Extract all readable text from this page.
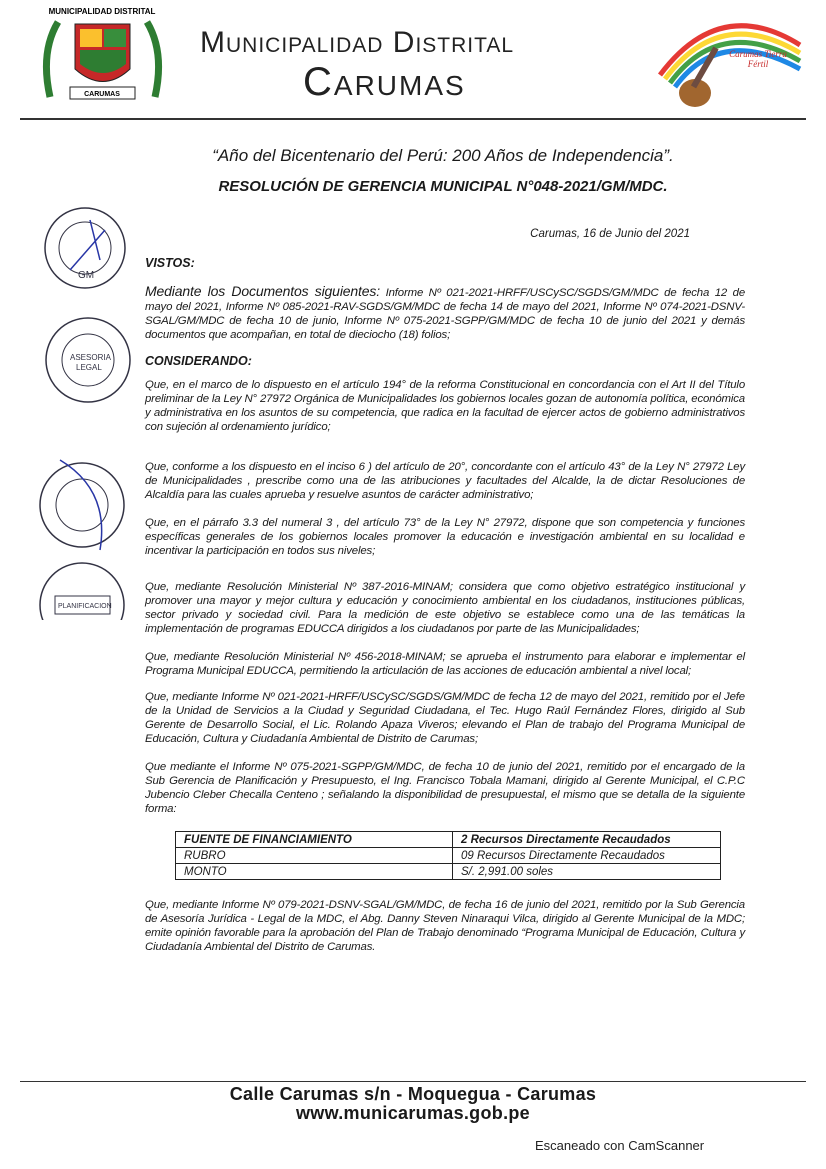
CARUMAS
MUNICIPALIDAD DISTRITAL
Municipalidad Distrital
Carumas
Carumas Tierra Fértil
GM
ASESORIA
LEGAL
PLANIFICACION
“Año del Bicentenario del Perú: 200 Años de Independencia”.
RESOLUCIÓN DE GERENCIA MUNICIPAL N°048-2021/GM/MDC.
Carumas, 16 de Junio del 2021
VISTOS:
Mediante los Documentos siguientes: Informe Nº 021-2021-HRFF/USCySC/SGDS/GM/MDC de fecha 12 de mayo del 2021, Informe Nº 085-2021-RAV-SGDS/GM/MDC de fecha 14 de mayo del 2021, Informe Nº 074-2021-DSNV-SGAL/GM/MDC de fecha 10 de junio, Informe Nº 075-2021-SGPP/GM/MDC de fecha 10 de junio del 2021 y demás documentos que acompañan, en total de dieciocho (18) folios;
CONSIDERANDO:
Que, en el marco de lo dispuesto en el artículo 194° de la reforma Constitucional en concordancia con el Art II del Título preliminar de la Ley N° 27972 Orgánica de Municipalidades los gobiernos locales gozan de autonomía política, económica y administrativa en los asuntos de su competencia, que radica en la facultad de ejercer actos de gobierno administrativos con sujeción al ordenamiento jurídico;
Que, conforme a los dispuesto en el inciso 6 ) del artículo de 20°, concordante con el artículo 43° de la Ley N° 27972 Ley de Municipalidades , prescribe como una de las atribuciones y facultades del Alcalde, la de dictar Resoluciones de Alcaldía para las cuales aprueba y resuelve asuntos de carácter administrativo;
Que, en el párrafo 3.3 del numeral 3 , del artículo 73° de la Ley N° 27972, dispone que son competencia y funciones específicas generales de los gobiernos locales promover la educación e investigación ambiental en su localidad e incentivar la participación en todos sus niveles;
Que, mediante Resolución Ministerial Nº 387-2016-MINAM; considera que como objetivo estratégico institucional y promover una mayor y mejor cultura y educación y conocimiento ambiental en los ciudadanos, instituciones públicas, sector privado y sociedad civil. Para la medición de este objetivo se establece como una de las temáticas la implementación de programas EDUCCA dirigidos a los ciudadanos por parte de las Municipalidades;
Que, mediante Resolución Ministerial Nº 456-2018-MINAM; se aprueba el instrumento para elaborar e implementar el Programa Municipal EDUCCA, permitiendo la articulación de las acciones de educación ambiental a nivel local;
Que, mediante Informe Nº 021-2021-HRFF/USCySC/SGDS/GM/MDC de fecha 12 de mayo del 2021, remitido por el Jefe de la Unidad de Servicios a la Ciudad y Seguridad Ciudadana, el Tec. Hugo Raúl Fernández Flores, dirigido al Sub Gerente de Desarrollo Social, el Lic. Rolando Apaza Viveros; elevando el Plan de trabajo del Programa Municipal de Educación, Cultura y Ciudadanía Ambiental de Distrito de Carumas;
Que mediante el Informe Nº 075-2021-SGPP/GM/MDC, de fecha 10 de junio del 2021, remitido por el encargado de la Sub Gerencia de Planificación y Presupuesto, el Ing. Francisco Tobala Mamani, dirigido al Gerente Municipal, el C.P.C Jubencio Cleber Checalla Centeno ; señalando la disponibilidad de presupuestal, el mismo que se detalla de la siguiente forma:
FUENTE DE FINANCIAMIENTO	2 Recursos Directamente Recaudados
RUBRO	09 Recursos Directamente Recaudados
MONTO	S/. 2,991.00 soles
Que, mediante Informe Nº 079-2021-DSNV-SGAL/GM/MDC, de fecha 16 de junio del 2021, remitido por la Sub Gerencia de Asesoría Jurídica - Legal de la MDC, el Abg. Danny Steven Ninaraqui Vilca, dirigido al Gerente Municipal de la MDC; emite opinión favorable para la aprobación del Plan de Trabajo denominado “Programa Municipal de Educación, Cultura y Ciudadanía Ambiental del Distrito de Carumas.
Calle Carumas s/n - Moquegua - Carumas
www.municarumas.gob.pe
Escaneado con CamScanner
